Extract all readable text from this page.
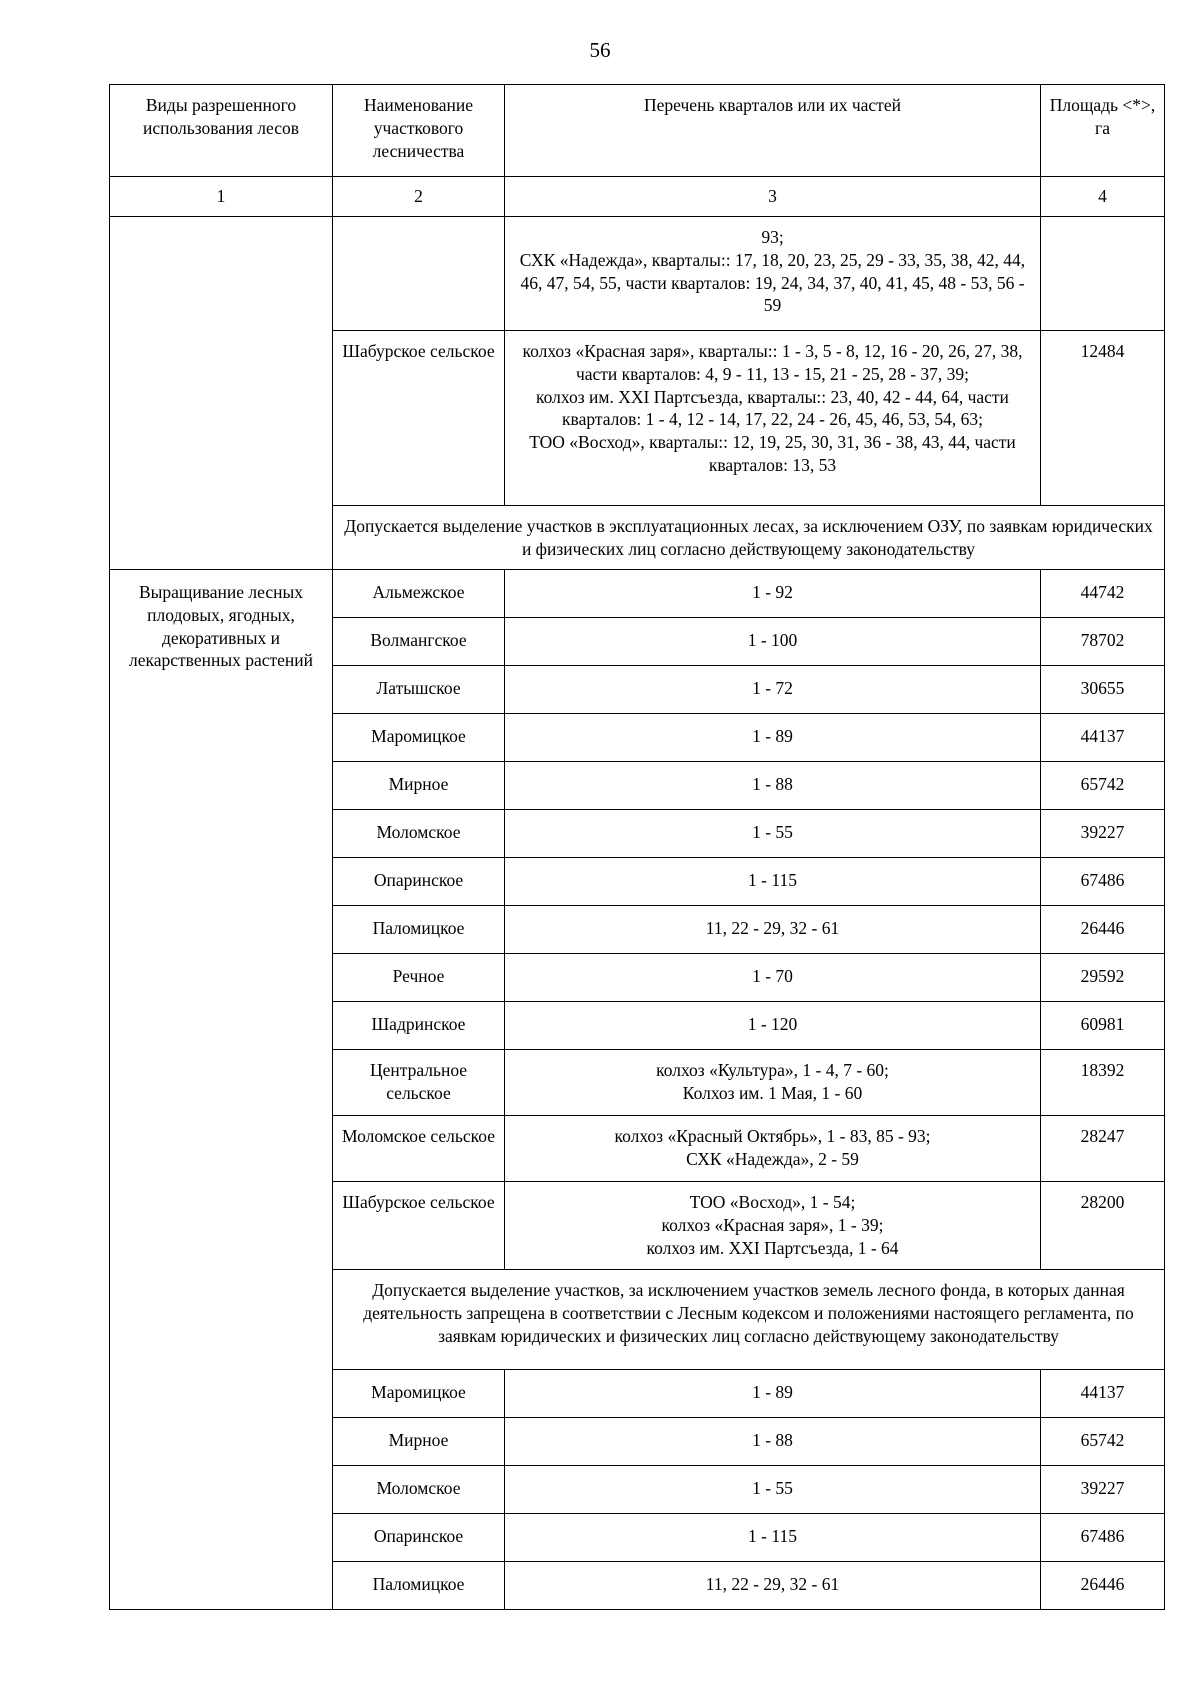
56
Виды разрешенного использования лесов	Наименование участкового лесничества	Перечень кварталов или их частей	Площадь <*>, га
1	2	3	4
		93;
СХК «Надежда», кварталы:: 17, 18, 20, 23, 25, 29 - 33, 35, 38, 42, 44, 46, 47, 54, 55, части кварталов: 19, 24, 34, 37, 40, 41, 45, 48 - 53, 56 - 59	
	Шабурское сельское	колхоз «Красная заря», кварталы:: 1 - 3, 5 - 8, 12, 16 - 20, 26, 27, 38, части кварталов: 4, 9 - 11, 13 - 15, 21 - 25, 28 - 37, 39;
колхоз им. XXI Партсъезда, кварталы:: 23, 40, 42 - 44, 64, части кварталов: 1 - 4, 12 - 14, 17, 22, 24 - 26, 45, 46, 53, 54, 63;
ТОО «Восход», кварталы:: 12, 19, 25, 30, 31, 36 - 38, 43, 44, части кварталов: 13, 53	12484
	Допускается выделение участков в эксплуатационных лесах, за исключением ОЗУ, по заявкам юридических и физических лиц согласно действующему законодательству		
Выращивание лесных плодовых, ягодных, декоративных и лекарственных растений	Альмежское	1 - 92	44742
	Волмангское	1 - 100	78702
	Латышское	1 - 72	30655
	Маромицкое	1 - 89	44137
	Мирное	1 - 88	65742
	Моломское	1 - 55	39227
	Опаринское	1 - 115	67486
	Паломицкое	11, 22 - 29, 32 - 61	26446
	Речное	1 - 70	29592
	Шадринское	1 - 120	60981
	Центральное сельское	колхоз «Культура», 1 - 4, 7 - 60;
Колхоз им. 1 Мая, 1 - 60	18392
	Моломское сельское	колхоз «Красный Октябрь», 1 - 83, 85 - 93;
СХК «Надежда», 2 - 59	28247
	Шабурское сельское	ТОО «Восход», 1 - 54;
колхоз «Красная заря», 1 - 39;
колхоз им. XXI Партсъезда, 1 - 64	28200
	Допускается выделение участков, за исключением участков земель лесного фонда, в которых данная деятельность запрещена в соответствии с Лесным кодексом и положениями настоящего регламента, по заявкам юридических и физических лиц согласно действующему законодательству		
	Маромицкое	1 - 89	44137
	Мирное	1 - 88	65742
	Моломское	1 - 55	39227
	Опаринское	1 - 115	67486
	Паломицкое	11, 22 - 29, 32 - 61	26446
